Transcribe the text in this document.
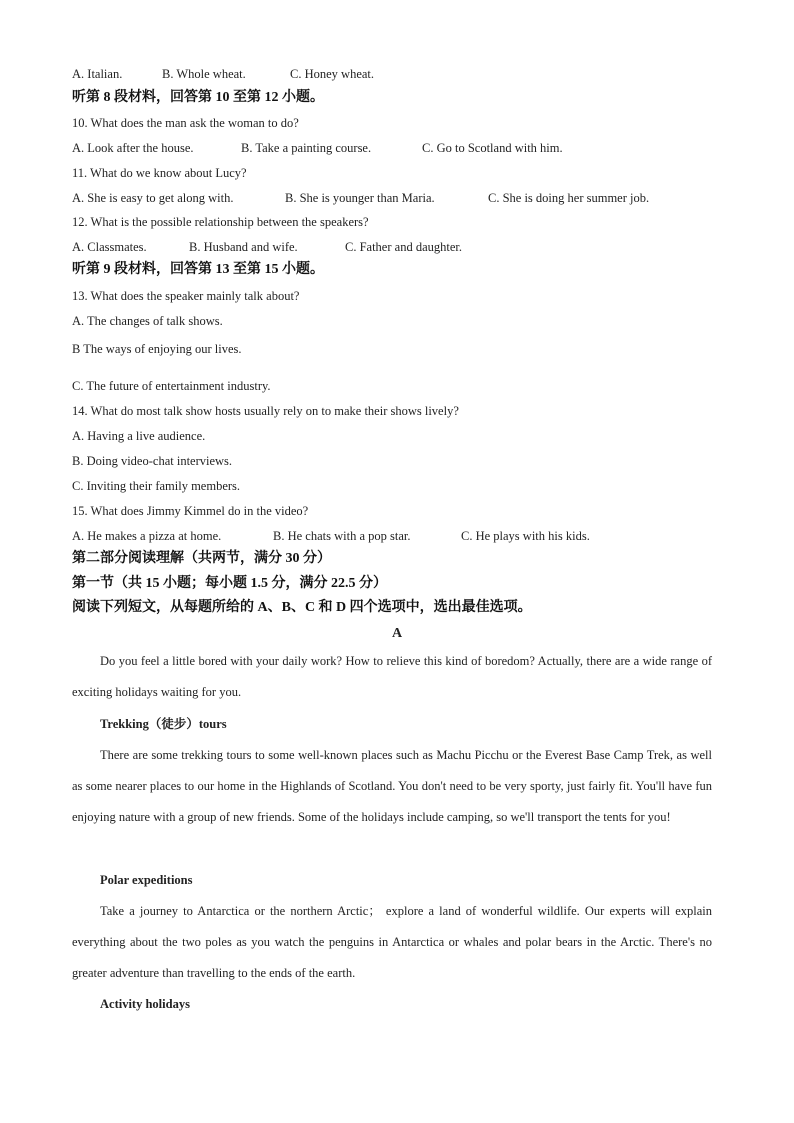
A. Italian.	B. Whole wheat.	C. Honey wheat.
听第 8 段材料，回答第 10 至第 12 小题。
10. What does the man ask the woman to do?
A. Look after the house.	B. Take a painting course.	C. Go to Scotland with him.
11. What do we know about Lucy?
A. She is easy to get along with.	B. She is younger than Maria.	C. She is doing her summer job.
12. What is the possible relationship between the speakers?
A. Classmates.	B. Husband and wife.	C. Father and daughter.
听第 9 段材料，回答第 13 至第 15 小题。
13. What does the speaker mainly talk about?
A. The changes of talk shows.
B The ways of enjoying our lives.
C. The future of entertainment industry.
14. What do most talk show hosts usually rely on to make their shows lively?
A. Having a live audience.
B. Doing video-chat interviews.
C. Inviting their family members.
15. What does Jimmy Kimmel do in the video?
A. He makes a pizza at home.	B. He chats with a pop star.	C. He plays with his kids.
第二部分阅读理解（共两节，满分 30 分）
第一节（共 15 小题；每小题 1.5 分，满分 22.5 分）
阅读下列短文，从每题所给的 A、B、C 和 D 四个选项中，选出最佳选项。
A
Do you feel a little bored with your daily work? How to relieve this kind of boredom? Actually, there are a wide range of exciting holidays waiting for you.
Trekking（徒步）tours
There are some trekking tours to some well-known places such as Machu Picchu or the Everest Base Camp Trek, as well as some nearer places to our home in the Highlands of Scotland. You don't need to be very sporty, just fairly fit. You'll have fun enjoying nature with a group of new friends. Some of the holidays include camping, so we'll transport the tents for you!
Polar expeditions
Take a journey to Antarctica or the northern Arctic； explore a land of wonderful wildlife. Our experts will explain everything about the two poles as you watch the penguins in Antarctica or whales and polar bears in the Arctic. There's no greater adventure than travelling to the ends of the earth.
Activity holidays
